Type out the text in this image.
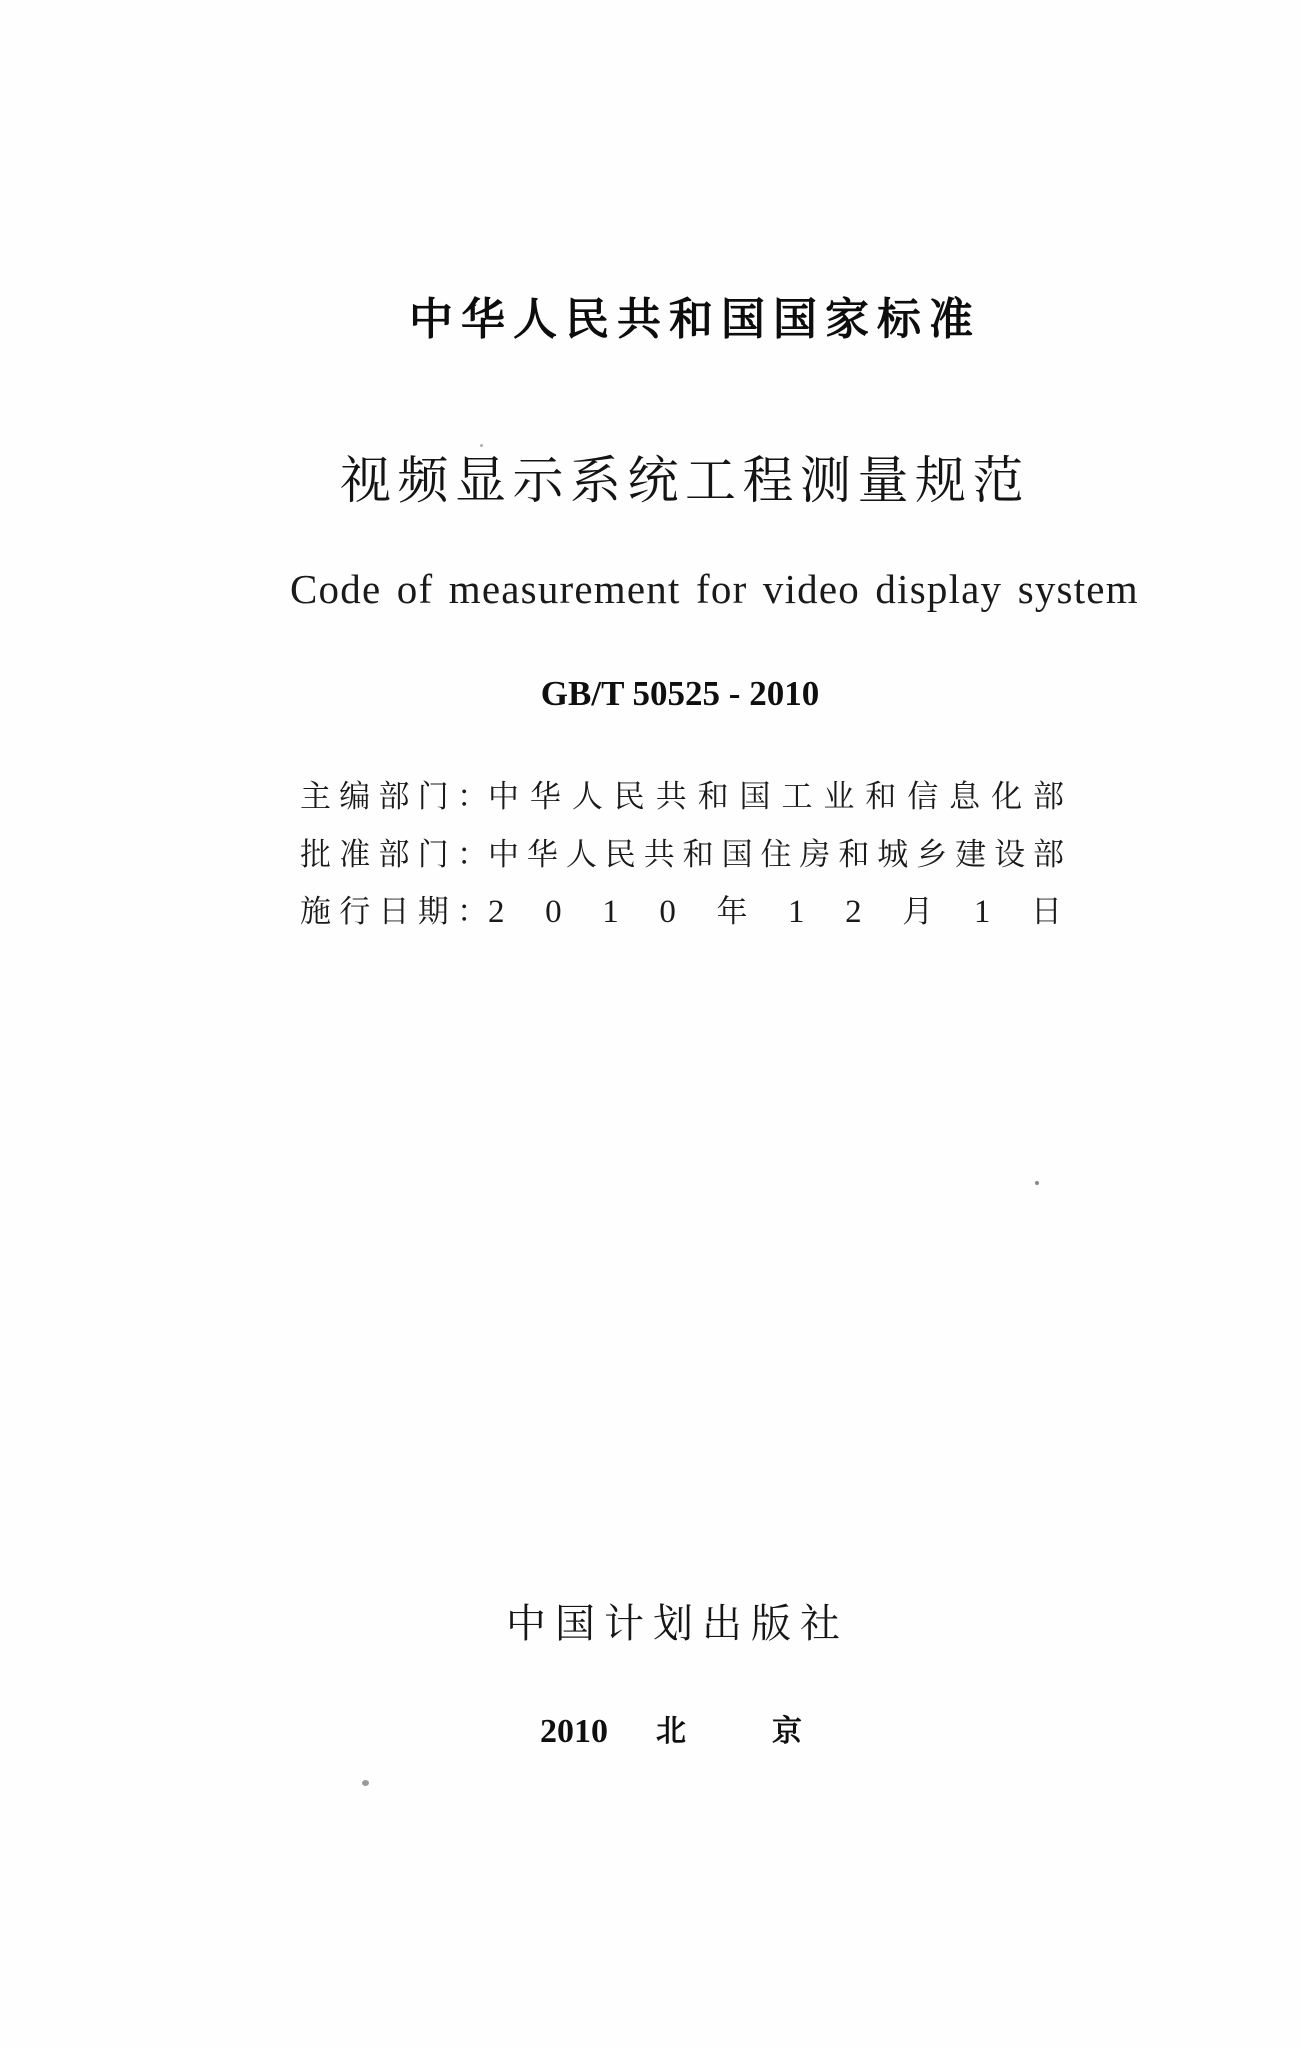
中华人民共和国国家标准
视频显示系统工程测量规范
Code of measurement for video display system
GB/T 50525 - 2010
主编部门： 中华人民共和国工业和信息化部
批准部门： 中华人民共和国住房和城乡建设部
施行日期： 2 0 1 0 年 1 2 月 1 日
中国计划出版社
2010 北	京
